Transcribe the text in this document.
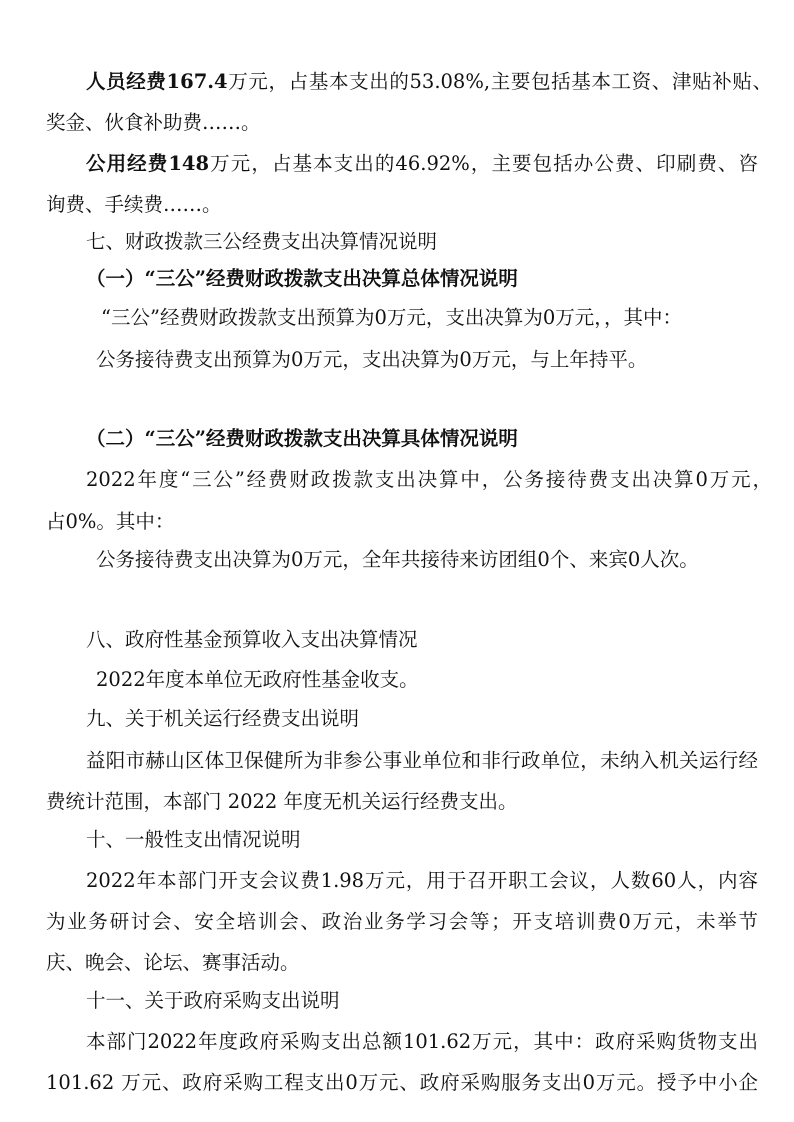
人员经费167.4万元，占基本支出的53.08%,主要包括基本工资、津贴补贴、
奖金、伙食补助费……。
公用经费148万元，占基本支出的46.92%，主要包括办公费、印刷费、咨
询费、手续费……。
七、财政拨款三公经费支出决算情况说明
（一）“三公”经费财政拨款支出决算总体情况说明
“三公”经费财政拨款支出预算为0万元，支出决算为0万元，，其中：
公务接待费支出预算为0万元，支出决算为0万元，与上年持平。
（二）“三公”经费财政拨款支出决算具体情况说明
2022年度“三公”经费财政拨款支出决算中，公务接待费支出决算0万元，
占0%。其中：
公务接待费支出决算为0万元，全年共接待来访团组0个、来宾0人次。
八、政府性基金预算收入支出决算情况
2022年度本单位无政府性基金收支。
九、关于机关运行经费支出说明
益阳市赫山区体卫保健所为非参公事业单位和非行政单位，未纳入机关运行经
费统计范围，本部门 2022 年度无机关运行经费支出。
十、一般性支出情况说明
2022年本部门开支会议费1.98万元，用于召开职工会议，人数60人，内容
为业务研讨会、安全培训会、政治业务学习会等；开支培训费0万元，未举节
庆、晚会、论坛、赛事活动。
十一、关于政府采购支出说明
本部门2022年度政府采购支出总额101.62万元，其中：政府采购货物支出
101.62 万元、政府采购工程支出0万元、政府采购服务支出0万元。授予中小企
